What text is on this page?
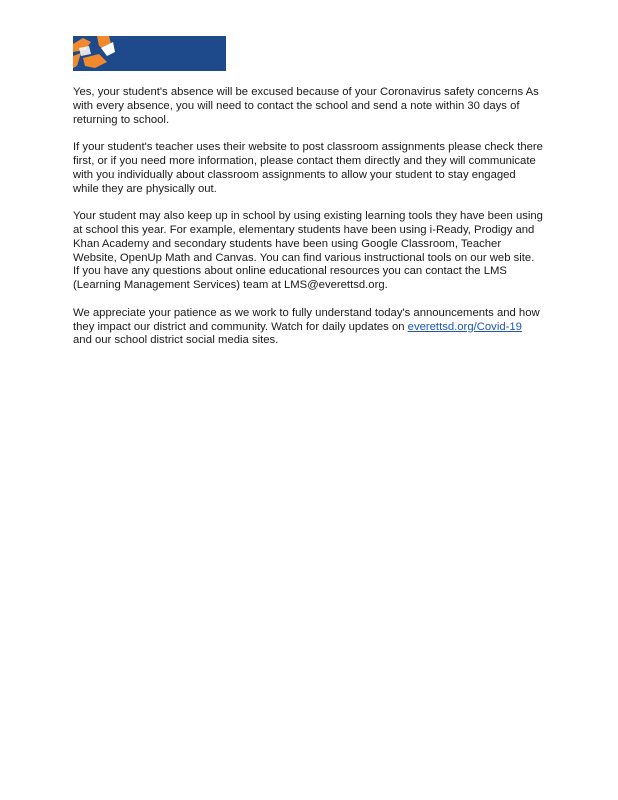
Yes, your student's absence will be excused because of your Coronavirus safety concerns As with every absence, you will need to contact the school and send a note within 30 days of returning to school.

If your student's teacher uses their website to post classroom assignments please check there first, or if you need more information, please contact them directly and they will communicate with you individually about classroom assignments to allow your student to stay engaged while they are physically out.

Your student may also keep up in school by using existing learning tools they have been using at school this year. For example, elementary students have been using i-Ready, Prodigy and Khan Academy and secondary students have been using Google Classroom, Teacher Website, OpenUp Math and Canvas. You can find various instructional tools on our web site. If you have any questions about online educational resources you can contact the LMS (Learning Management Services) team at LMS@everettsd.org.

We appreciate your patience as we work to fully understand today's announcements and how they impact our district and community. Watch for daily updates on everettsd.org/Covid-19 and our school district social media sites.
